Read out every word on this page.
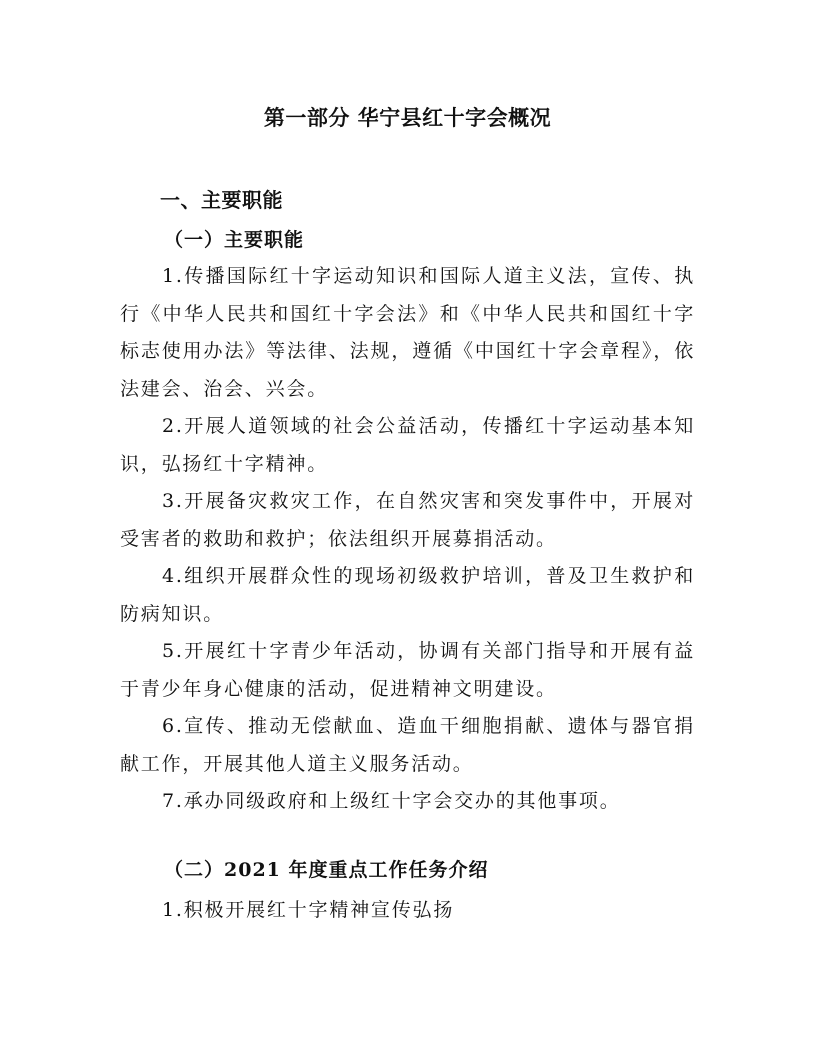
第一部分 华宁县红十字会概况
一、主要职能
（一）主要职能

1.传播国际红十字运动知识和国际人道主义法，宣传、执行《中华人民共和国红十字会法》和《中华人民共和国红十字标志使用办法》等法律、法规，遵循《中国红十字会章程》，依法建会、治会、兴会。

2.开展人道领域的社会公益活动，传播红十字运动基本知识，弘扬红十字精神。

3.开展备灾救灾工作，在自然灾害和突发事件中，开展对受害者的救助和救护；依法组织开展募捐活动。

4.组织开展群众性的现场初级救护培训，普及卫生救护和防病知识。

5.开展红十字青少年活动，协调有关部门指导和开展有益于青少年身心健康的活动，促进精神文明建设。

6.宣传、推动无偿献血、造血干细胞捐献、遗体与器官捐献工作，开展其他人道主义服务活动。

7.承办同级政府和上级红十字会交办的其他事项。

（二）2021 年度重点工作任务介绍

1.积极开展红十字精神宣传弘扬
